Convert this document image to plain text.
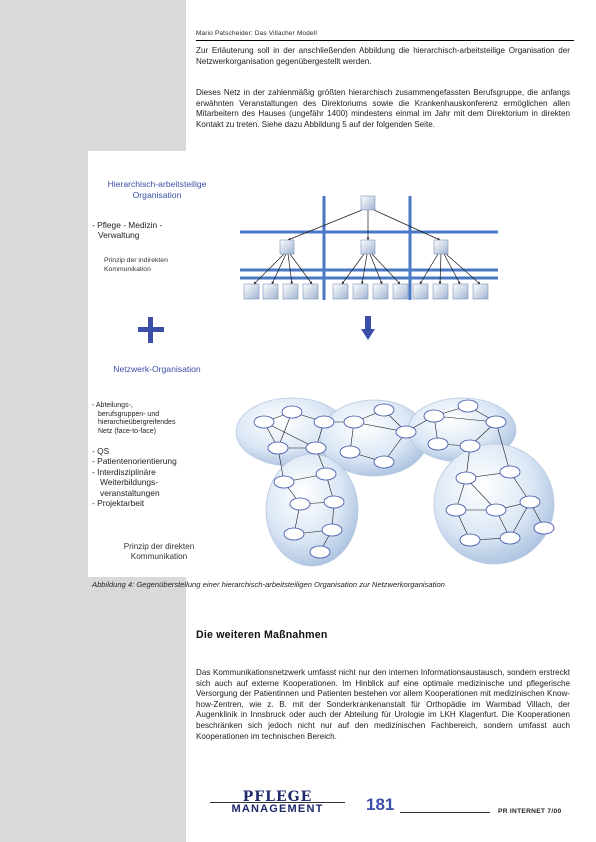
Mario Patscheider: Das Villacher Modell

Zur Erläuterung soll in der anschließenden Abbildung die hierarchisch-arbeitsteilige Organisation der Netzwerkorganisation gegenübergestellt werden.

Dieses Netz in der zahlenmäßig größten hierarchisch zusammengefassten Berufsgruppe, die anfangs erwähnten Veranstaltungen des Direktoriums sowie die Krankenhauskonferenz ermöglichen allen Mitarbeitern des Hauses (ungefähr 1400) mindestens einmal im Jahr mit dem Direktorium in direkten Kontakt zu treten. Siehe dazu Abbildung 5 auf der folgenden Seite.

Hierarchisch-arbeitsteilige Organisation

- Pflege - Medizin -
Verwaltung

Prinzip der indirekten Kommunikation

Netzwerk-Organisation

- Abteilungs-,
berufsgruppen- und
hierarchieübergreifendes
Netz (face-to-face)
- QS
- Patientenorientierung
- Interdisziplinäre
Weiterbildungs-
veranstaltungen
- Projektarbeit

Prinzip der direkten Kommunikation

Abbildung 4: Gegenüberstellung einer hierarchisch-arbeitsteiligen Organisation zur Netzwerkorganisation

Die weiteren Maßnahmen

Das Kommunikationsnetzwerk umfasst nicht nur den internen Informationsaustausch, sondern erstreckt sich auch auf externe Kooperationen. Im Hinblick auf eine optimale medizinische und pflegerische Versorgung der Patientinnen und Patienten bestehen vor allem Kooperationen mit medizinischen Know-how-Zentren, wie z. B. mit der Sonderkrankenanstalt für Orthopädie im Warmbad Villach, der Augenklinik in Innsbruck oder auch der Abteilung für Urologie im LKH Klagenfurt. Die Kooperationen beschränken sich jedoch nicht nur auf den medizinischen Fachbereich, sondern umfasst auch Kooperationen im technischen Bereich.

PFLEGE
MANAGEMENT	181	PR INTERNET 7/00
